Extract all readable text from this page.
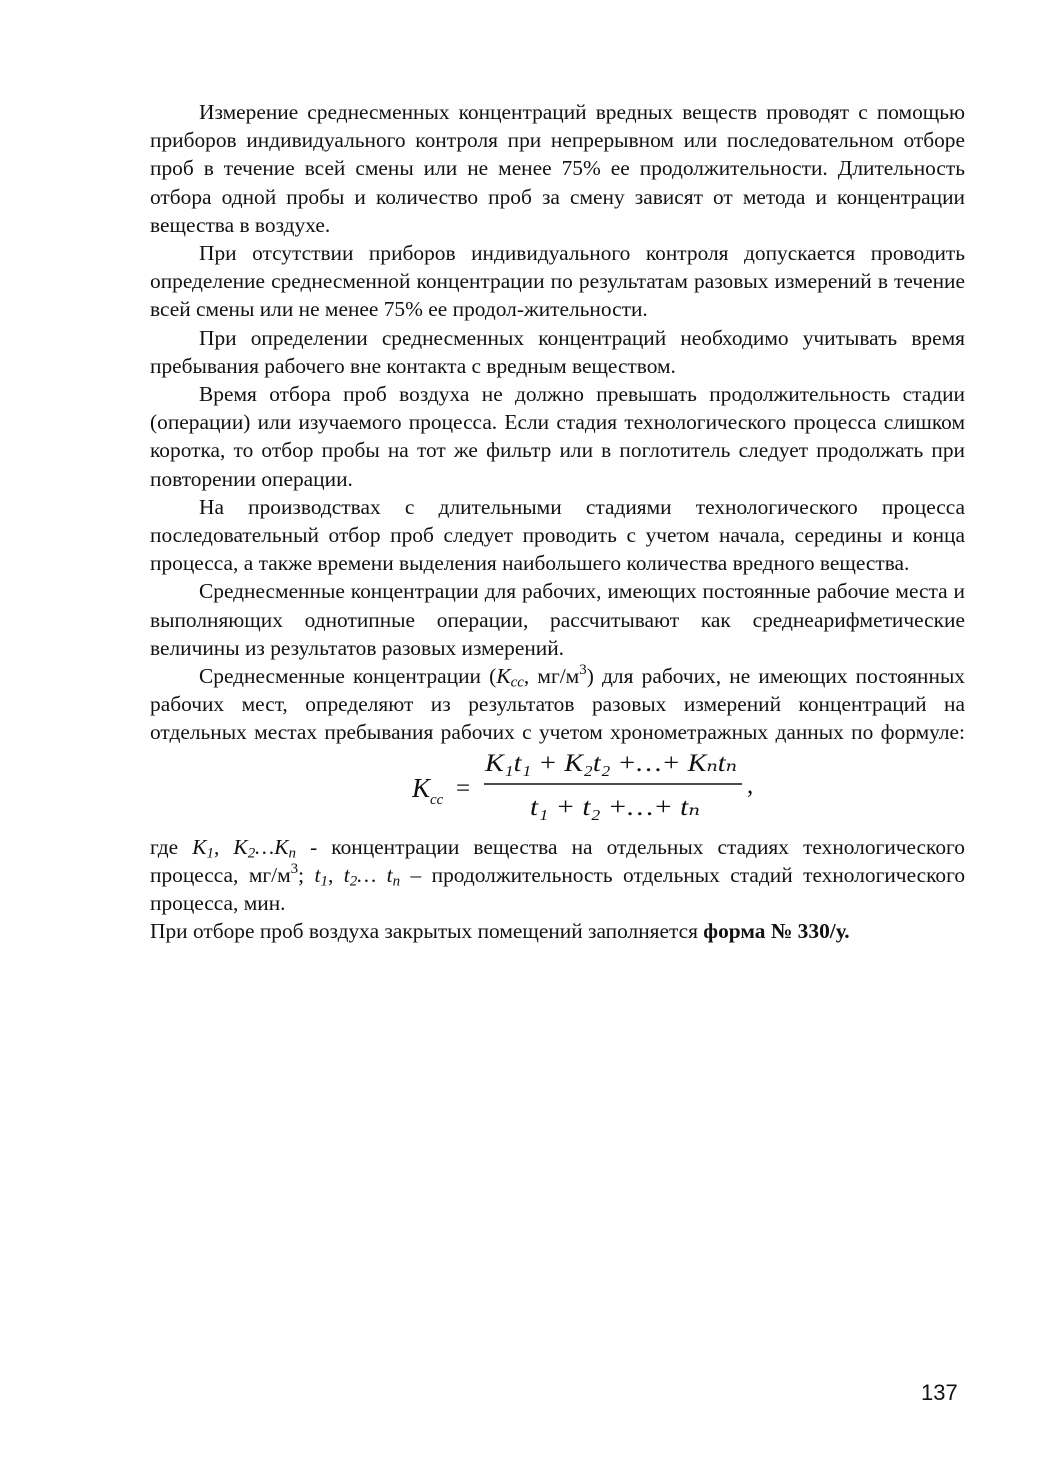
Измерение среднесменных концентраций вредных веществ проводят с помощью приборов индивидуального контроля при непрерывном или последовательном отборе проб в течение всей смены или не менее 75% ее продолжительности. Длительность отбора одной пробы и количество проб за смену зависят от метода и концентрации вещества в воздухе.

При отсутствии приборов индивидуального контроля допускается проводить определение среднесменной концентрации по результатам разовых измерений в течение всей смены или не менее 75% ее продол-жительности.

При определении среднесменных концентраций необходимо учитывать время пребывания рабочего вне контакта с вредным веществом.

Время отбора проб воздуха не должно превышать продолжительность стадии (операции) или изучаемого процесса. Если стадия технологического процесса слишком коротка, то отбор пробы на тот же фильтр или в поглотитель следует продолжать при повторении операции.

На производствах с длительными стадиями технологического процесса последовательный отбор проб следует проводить с учетом начала, середины и конца процесса, а также времени выделения наибольшего количества вредного вещества.

Среднесменные концентрации для рабочих, имеющих постоянные рабочие места и выполняющих однотипные операции, рассчитывают как среднеарифметические величины из результатов разовых измерений.

Среднесменные концентрации ($K_{cc}$, $мг/м^3$) для рабочих, не имеющих постоянных рабочих мест, определяют из результатов разовых измерений концентраций на отдельных местах пребывания рабочих с учетом хронометражных данных по формуле:

K cc =
K₁t₁ + K₂t₂ +…+ Kₙtₙ
t₁ + t₂ +…+ tₙ
,

где $K_1$, $K_2\dots K_n$ - концентрации вещества на отдельных стадиях технологического процесса, $мг/м^3$; $t_1$, $t_2\dots$ $t_n$ – продолжительность отдельных стадий технологического процесса, мин.

При отборе проб воздуха закрытых помещений заполняется форма № 330/у.

137
